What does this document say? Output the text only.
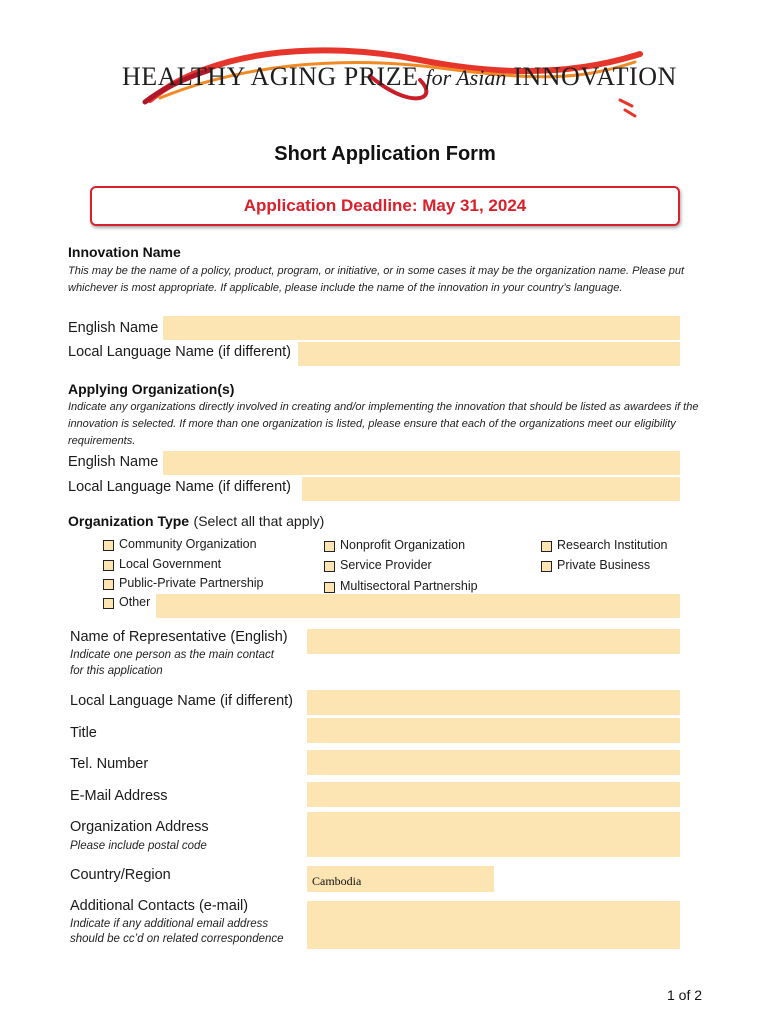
HEALTHY AGING PRIZE for Asian INNOVATION
Short Application Form
Application Deadline: May 31, 2024
Innovation Name
This may be the name of a policy, product, program, or initiative, or in some cases it may be the organization name. Please put whichever is most appropriate. If applicable, please include the name of the innovation in your country’s language.
English Name
Local Language Name (if different)
Applying Organization(s)
Indicate any organizations directly involved in creating and/or implementing the innovation that should be listed as awardees if the innovation is selected. If more than one organization is listed, please ensure that each of the organizations meet our eligibility requirements.
English Name
Local Language Name (if different)
Organization Type (Select all that apply)
Community Organization
Local Government
Public-Private Partnership
Other
Nonprofit Organization
Service Provider
Multisectoral Partnership
Research Institution
Private Business
Name of Representative (English)
Indicate one person as the main contact
for this application
Local Language Name (if different)
Title
Tel. Number
E-Mail Address
Organization Address
Please include postal code
Country/Region	Cambodia
Additional Contacts (e-mail)
Indicate if any additional email address
should be cc’d on related correspondence
1 of 2
